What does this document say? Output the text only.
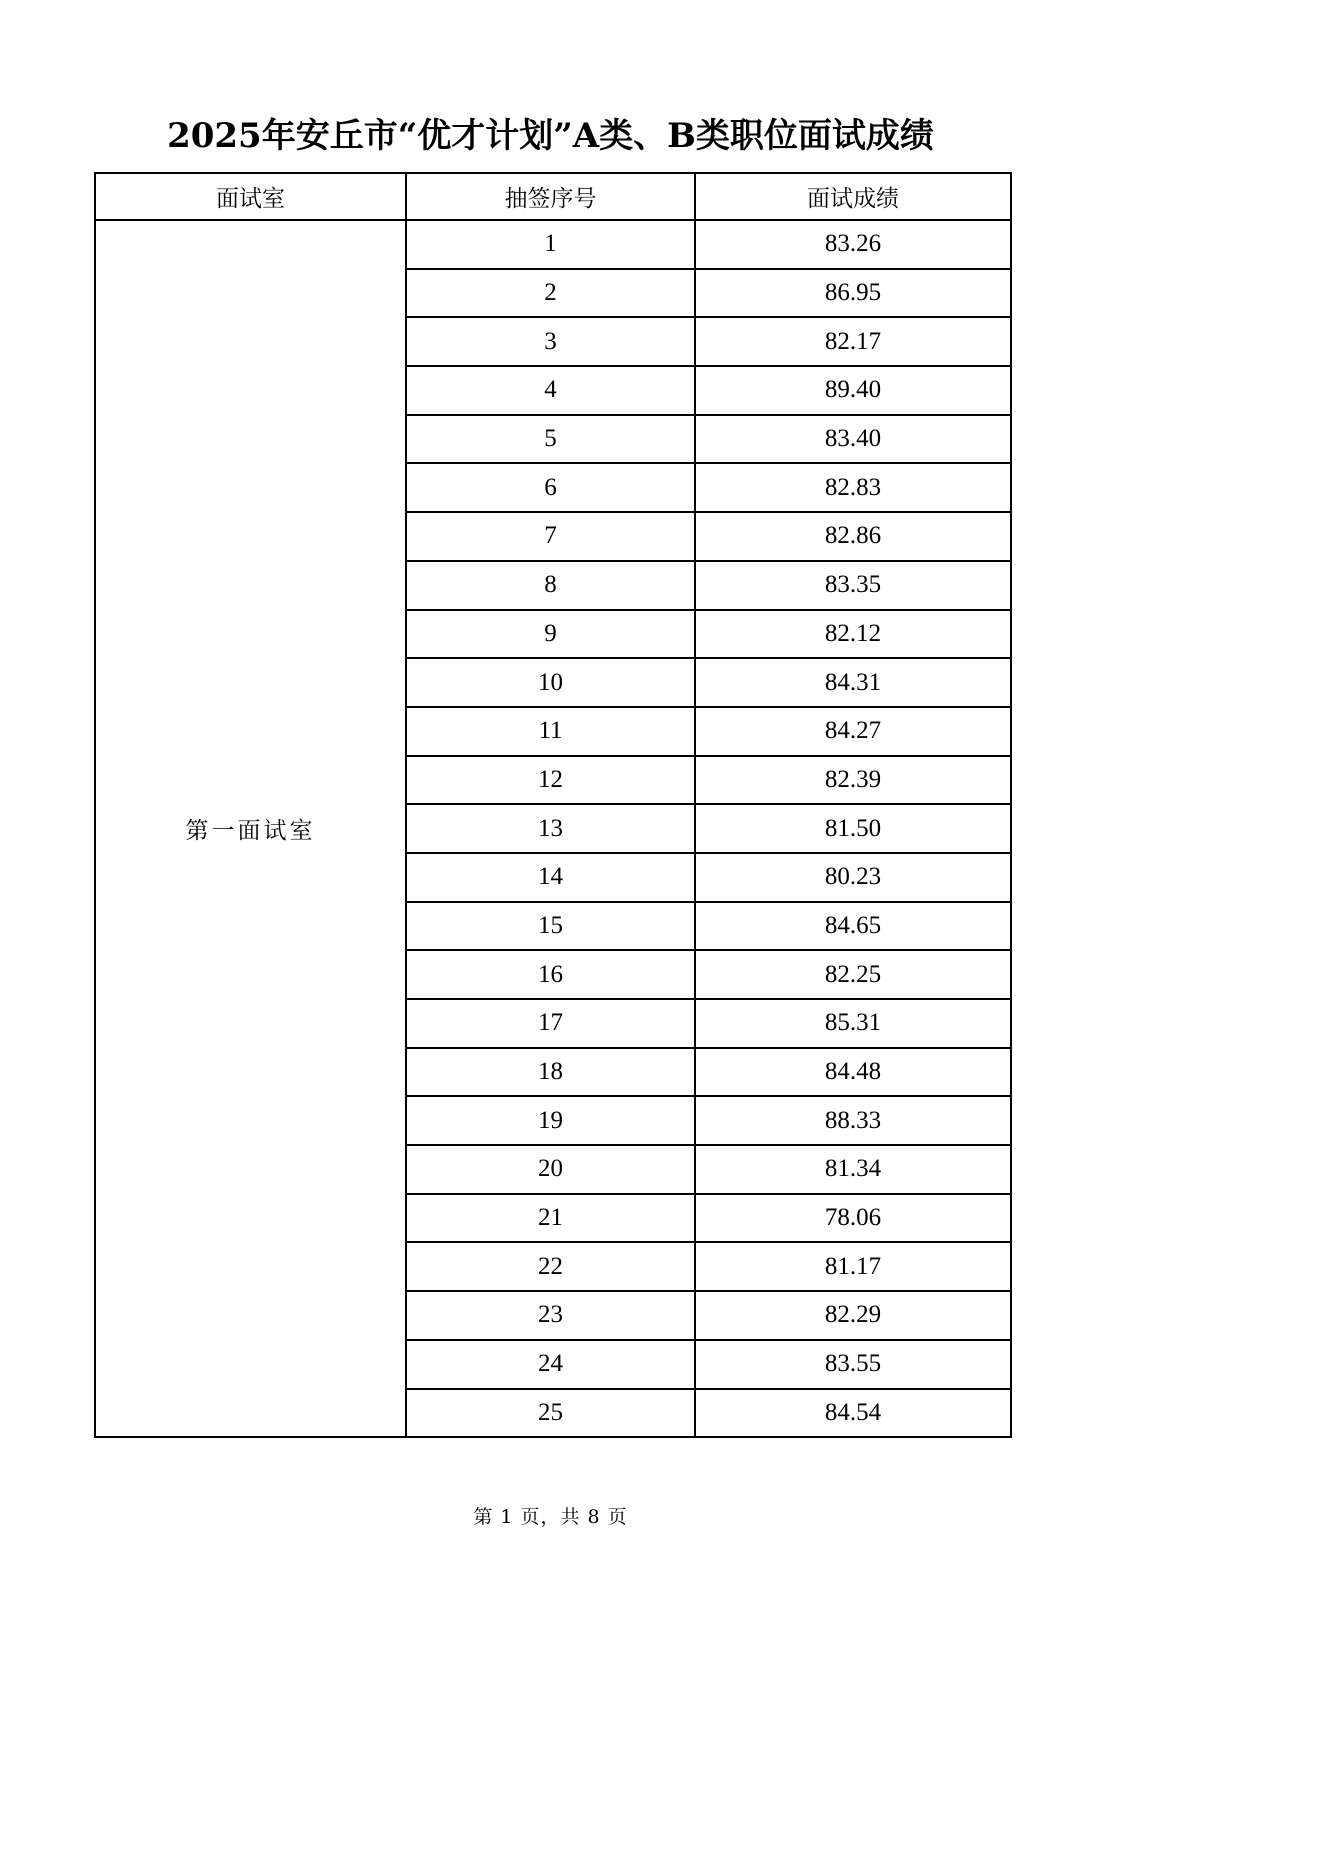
2025年安丘市“优才计划”A类、B类职位面试成绩
面试室	抽签序号	面试成绩
第一面试室	1	83.26
	2	86.95
	3	82.17
	4	89.40
	5	83.40
	6	82.83
	7	82.86
	8	83.35
	9	82.12
	10	84.31
	11	84.27
	12	82.39
	13	81.50
	14	80.23
	15	84.65
	16	82.25
	17	85.31
	18	84.48
	19	88.33
	20	81.34
	21	78.06
	22	81.17
	23	82.29
	24	83.55
	25	84.54
第 1 页，共 8 页
